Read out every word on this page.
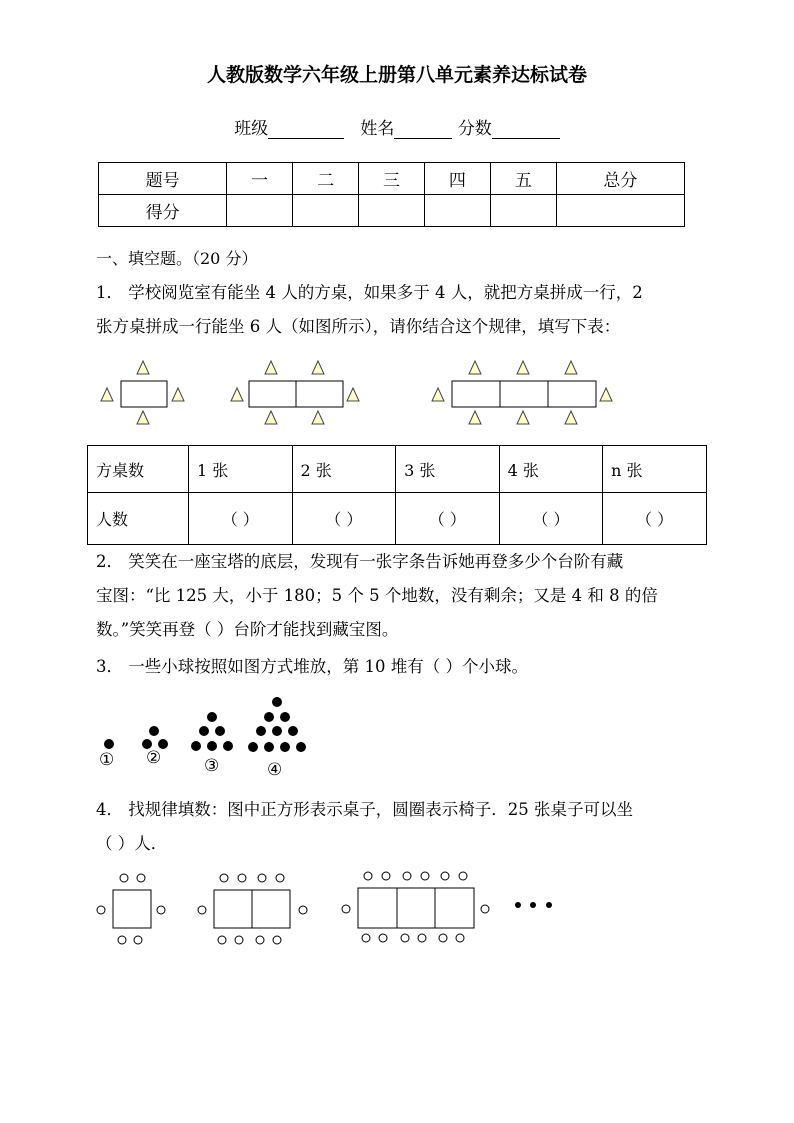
人教版数学六年级上册第八单元素养达标试卷
班级	姓名	分数
题号	一	二	三	四	五	总分
得分						
一、填空题。（20 分）
1． 学校阅览室有能坐 4 人的方桌，如果多于 4 人，就把方桌拼成一行，2
张方桌拼成一行能坐 6 人（如图所示），请你结合这个规律，填写下表：
方桌数	1 张	2 张	3 张	4 张	n 张
人数	（ ）	（ ）	（ ）	（ ）	（ ）
2． 笑笑在一座宝塔的底层，发现有一张字条告诉她再登多少个台阶有藏
宝图：“比 125 大，小于 180；5 个 5 个地数，没有剩余；又是 4 和 8 的倍
数。”笑笑再登（ ）台阶才能找到藏宝图。
3． 一些小球按照如图方式堆放，第 10 堆有（ ）个小球。
① ②	③	④
4． 找规律填数：图中正方形表示桌子，圆圈表示椅子．25 张桌子可以坐
（ ）人．
